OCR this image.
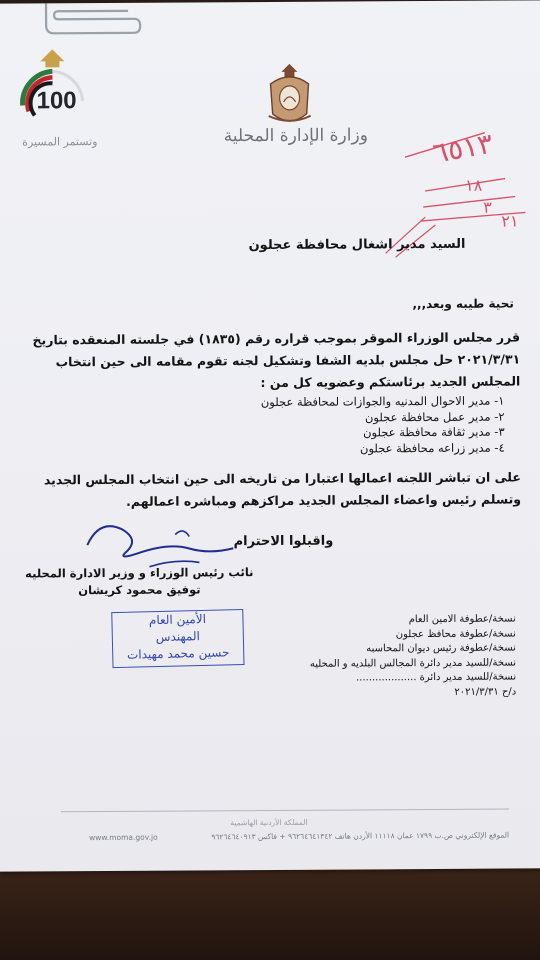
100
وتستمر المسيرة	وزارة الإدارة المحلية ٦٥١٣
١٨
٣
٢١
السيد مدير اشغال محافظة عجلون
تحية طيبه وبعد,,,
قرر مجلس الوزراء الموقر بموجب قراره رقم (١٨٣٥) في جلسته المنعقده بتاريخ ٢٠٢١/٣/٣١ حل مجلس بلديه الشفا وتشكيل لجنه تقوم مقامه الى حين انتخاب المجلس الجديد برئاستكم وعضويه كل من :
١- مدير الاحوال المدنيه والجوازات لمحافظة عجلون
٢- مدير عمل محافظة عجلون
٣- مدير ثقافة محافظة عجلون
٤- مدير زراعه محافظة عجلون
على ان تباشر اللجنه اعمالها اعتبارا من تاريخه الى حين انتخاب المجلس الجديد وتسلم رئيس واعضاء المجلس الجديد مراكزهم ومباشره اعمالهم.
واقبلوا الاحترام
نائب رئيس الوزراء و وزير الادارة المحليه
توفيق محمود كريشان
الأمين العام
المهندس
حسين محمد مهيدات
نسخة/عطوفة الامين العام
نسخة/عطوفة محافظ عجلون
نسخة/عطوفة رئيس ديوان المحاسبه
نسخة/للسيد مدير دائرة المجالس البلديه و المحليه
نسخة/للسيد مدير دائرة ...................
د/ح ٢٠٢١/٣/٣١
المملكة الأردنية الهاشمية
www.moma.gov.jo	الموقع الإلكتروني ص.ب ١٧٩٩ عمان ١١١١٨ الأردن هاتف ٩٦٢٦٤٦٤١٣٤٢ + فاكس ٩٦٢٦٤٦٤٠٩١٣
